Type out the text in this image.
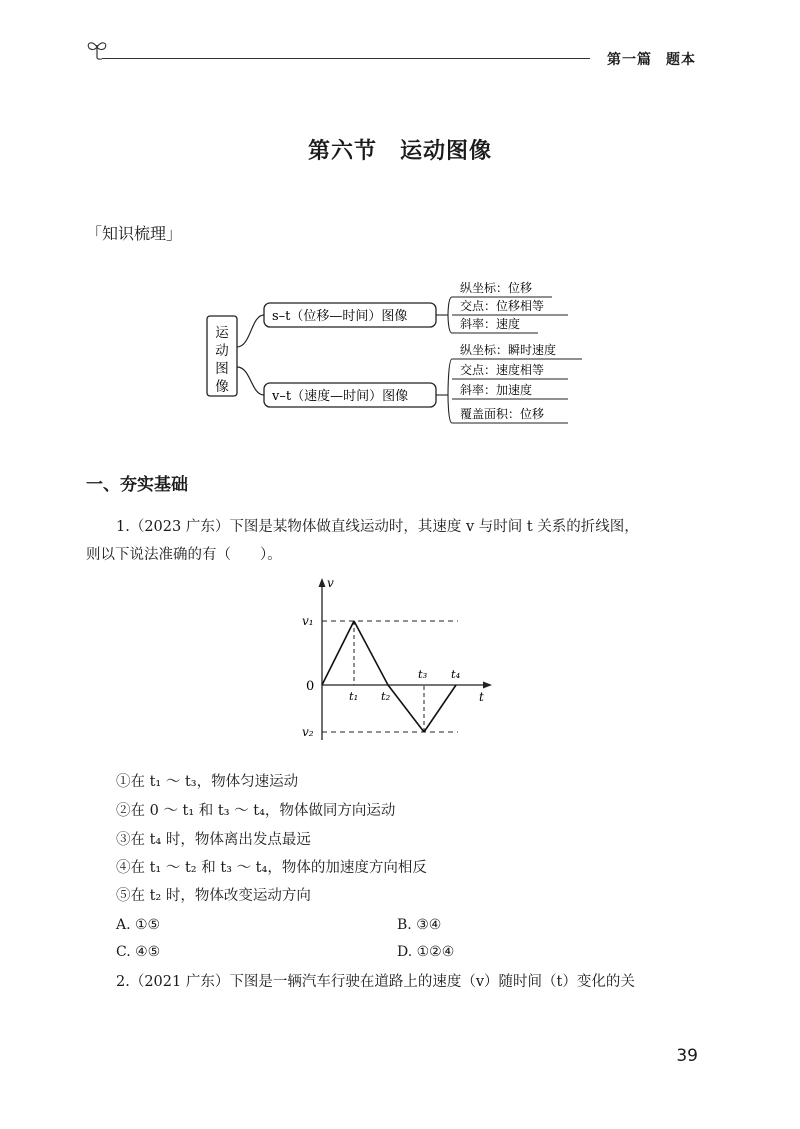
第一篇 题本
第六节　运动图像
「知识梳理」
运
动
图
像
s–t（位移—时间）图像
v–t（速度—时间）图像
纵坐标：位移
交点：位移相等
斜率：速度
纵坐标：瞬时速度
交点：速度相等
斜率：加速度
覆盖面积：位移
一、夯实基础
1.（2023 广东）下图是某物体做直线运动时，其速度 v 与时间 t 关系的折线图，
则以下说法准确的有（　　）。
v
t
0
v₁
v₂
t₁ t₂
t₃ t₄
①在 t₁ ～ t₃，物体匀速运动
②在 0 ～ t₁ 和 t₃ ～ t₄，物体做同方向运动
③在 t₄ 时，物体离出发点最远
④在 t₁ ～ t₂ 和 t₃ ～ t₄，物体的加速度方向相反
⑤在 t₂ 时，物体改变运动方向
A. ①⑤	B. ③④
C. ④⑤	D. ①②④
2.（2021 广东）下图是一辆汽车行驶在道路上的速度（v）随时间（t）变化的关
39
